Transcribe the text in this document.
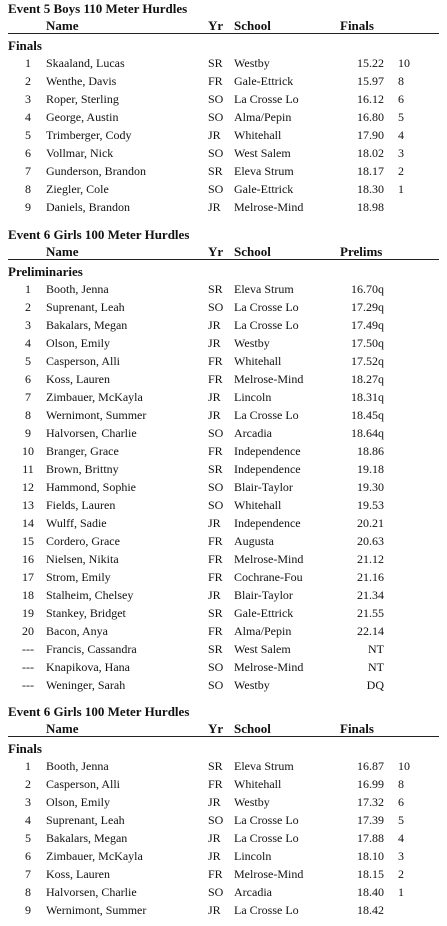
Event 5 Boys 110 Meter Hurdles
Name	Yr School	Finals
Finals
1	Skaaland, Lucas	SR Westby	15.22 10
2	Wenthe, Davis	FR Gale-Ettrick	15.97 8
3	Roper, Sterling	SO La Crosse Lo	16.12 6
4	George, Austin	SO Alma/Pepin	16.80 5
5	Trimberger, Cody	JR Whitehall	17.90 4
6	Vollmar, Nick	SO West Salem	18.02 3
7	Gunderson, Brandon	SR Eleva Strum	18.17 2
8	Ziegler, Cole	SO Gale-Ettrick	18.30 1
9	Daniels, Brandon	JR Melrose-Mind	18.98
Event 6 Girls 100 Meter Hurdles
Name	Yr School	Prelims
Preliminaries
1	Booth, Jenna	SR Eleva Strum	16.70q
2	Suprenant, Leah	SO La Crosse Lo	17.29q
3	Bakalars, Megan	JR La Crosse Lo	17.49q
4	Olson, Emily	JR Westby	17.50q
5	Casperson, Alli	FR Whitehall	17.52q
6	Koss, Lauren	FR Melrose-Mind	18.27q
7	Zimbauer, McKayla	JR Lincoln	18.31q
8	Wernimont, Summer	JR La Crosse Lo	18.45q
9	Halvorsen, Charlie	SO Arcadia	18.64q
10	Branger, Grace	FR Independence	18.86
11	Brown, Brittny	SR Independence	19.18
12	Hammond, Sophie	SO Blair-Taylor	19.30
13	Fields, Lauren	SO Whitehall	19.53
14	Wulff, Sadie	JR Independence	20.21
15	Cordero, Grace	FR Augusta	20.63
16	Nielsen, Nikita	FR Melrose-Mind	21.12
17	Strom, Emily	FR Cochrane-Fou	21.16
18	Stalheim, Chelsey	JR Blair-Taylor	21.34
19	Stankey, Bridget	SR Gale-Ettrick	21.55
20	Bacon, Anya	FR Alma/Pepin	22.14
---	Francis, Cassandra	SR West Salem	NT
---	Knapikova, Hana	SO Melrose-Mind	NT
---	Weninger, Sarah	SO Westby	DQ
Event 6 Girls 100 Meter Hurdles
Name	Yr School	Finals
Finals
1	Booth, Jenna	SR Eleva Strum	16.87 10
2	Casperson, Alli	FR Whitehall	16.99 8
3	Olson, Emily	JR Westby	17.32 6
4	Suprenant, Leah	SO La Crosse Lo	17.39 5
5	Bakalars, Megan	JR La Crosse Lo	17.88 4
6	Zimbauer, McKayla	JR Lincoln	18.10 3
7	Koss, Lauren	FR Melrose-Mind	18.15 2
8	Halvorsen, Charlie	SO Arcadia	18.40 1
9	Wernimont, Summer	JR La Crosse Lo	18.42
